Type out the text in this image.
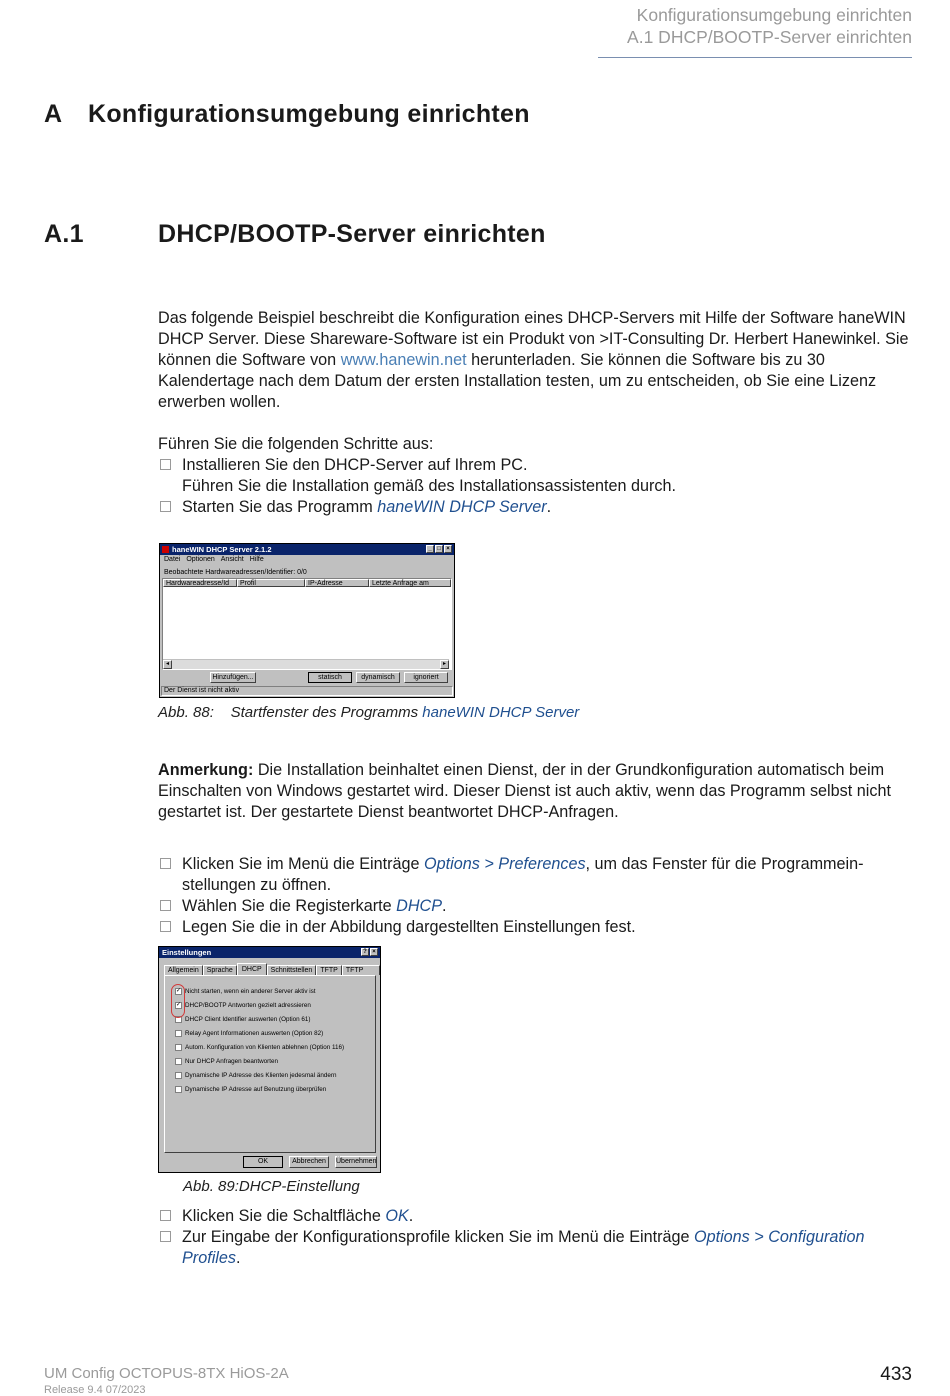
Konfigurationsumgebung einrichten
A.1 DHCP/BOOTP-Server einrichten
A Konfigurationsumgebung einrichten
A.1	DHCP/BOOTP-Server einrichten

Das folgende Beispiel beschreibt die Konfiguration eines DHCP-Servers mit Hilfe der Software haneWIN DHCP Server. Diese Shareware-Software ist ein Produkt von >IT-Consulting Dr. Herbert Hanewinkel. Sie können die Software von www.hanewin.net herunterladen. Sie können die Software bis zu 30 Kalendertage nach dem Datum der ersten Installation testen, um zu entscheiden, ob Sie eine Lizenz erwerben wollen.

Führen Sie die folgenden Schritte aus:

Installieren Sie den DHCP-Server auf Ihrem PC.
Führen Sie die Installation gemäß des Installationsassistenten durch.
Starten Sie das Programm haneWIN DHCP Server.
haneWIN DHCP Server 2.1.2	_ □ ×
Datei Optionen Ansicht Hilfe
Beobachtete Hardwareadressen/Identifier: 0/0
Hardwareadresse/Id	Profil	IP-Adresse	Letzte Anfrage am
◂	▸
Hinzufügen...	statisch	dynamisch	ignoriert
Der Dienst ist nicht aktiv
Abb. 88: Startfenster des Programms haneWIN DHCP Server

Anmerkung: Die Installation beinhaltet einen Dienst, der in der Grundkonfiguration automatisch beim Einschalten von Windows gestartet wird. Dieser Dienst ist auch aktiv, wenn das Programm selbst nicht gestartet ist. Der gestartete Dienst beantwortet DHCP-Anfragen.

Klicken Sie im Menü die Einträge Options > Preferences, um das Fenster für die Programmeinstellungen zu öffnen.
Wählen Sie die Registerkarte DHCP.
Legen Sie die in der Abbildung dargestellten Einstellungen fest.
Einstellungen	? ×
Allgemein	Sprache	DHCP	Schnittstellen	TFTP	TFTP
✓ Nicht starten, wenn ein anderer Server aktiv ist
✓ DHCP/BOOTP Antworten gezielt adressieren
DHCP Client Identifier auswerten (Option 61)
Relay Agent Informationen auswerten (Option 82)
Autom. Konfiguration von Klienten ablehnen (Option 116)
Nur DHCP Anfragen beantworten
Dynamische IP Adresse des Klienten jedesmal ändern
Dynamische IP Adresse auf Benutzung überprüfen
OK	Abbrechen	Übernehmen
Abb. 89:DHCP-Einstellung
Klicken Sie die Schaltfläche OK.
Zur Eingabe der Konfigurationsprofile klicken Sie im Menü die Einträge Options > Configuration Profiles.
UM Config OCTOPUS-8TX HiOS-2A
Release 9.4 07/2023
433
